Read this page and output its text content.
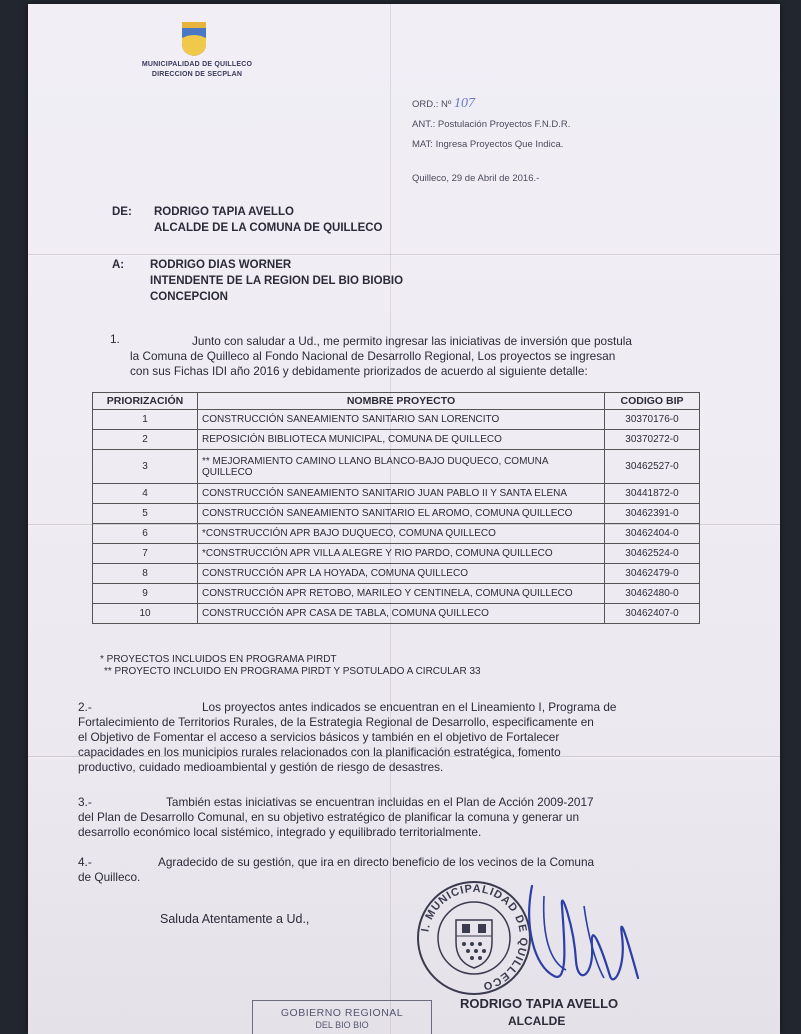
MUNICIPALIDAD DE QUILLECO
DIRECCION DE SECPLAN
ORD.: Nº 107
ANT.: Postulación Proyectos F.N.D.R.
MAT: Ingresa Proyectos Que Indica.
Quilleco, 29 de Abril de 2016.-
DE: RODRIGO TAPIA AVELLO
ALCALDE DE LA COMUNA DE QUILLECO
A: RODRIGO DIAS WORNER
INTENDENTE DE LA REGION DEL BIO BIOBIO
CONCEPCION
1.	Junto con saludar a Ud., me permito ingresar las iniciativas de inversión que postula
la Comuna de Quilleco al Fondo Nacional de Desarrollo Regional, Los proyectos se ingresan
con sus Fichas IDI año 2016 y debidamente priorizados de acuerdo al siguiente detalle:
PRIORIZACIÓN	NOMBRE PROYECTO	CODIGO BIP
1	CONSTRUCCIÓN SANEAMIENTO SANITARIO SAN LORENCITO	30370176-0
2	REPOSICIÓN BIBLIOTECA MUNICIPAL, COMUNA DE QUILLECO	30370272-0
3	** MEJORAMIENTO CAMINO LLANO BLANCO-BAJO DUQUECO, COMUNA QUILLECO	30462527-0
4	CONSTRUCCIÓN SANEAMIENTO SANITARIO JUAN PABLO II Y SANTA ELENA	30441872-0
5	CONSTRUCCIÓN SANEAMIENTO SANITARIO EL AROMO, COMUNA QUILLECO	30462391-0
6	*CONSTRUCCIÓN APR BAJO DUQUECO, COMUNA QUILLECO	30462404-0
7	*CONSTRUCCIÓN APR VILLA ALEGRE Y RIO PARDO, COMUNA QUILLECO	30462524-0
8	CONSTRUCCIÓN APR LA HOYADA, COMUNA QUILLECO	30462479-0
9	CONSTRUCCIÓN APR RETOBO, MARILEO Y CENTINELA, COMUNA QUILLECO	30462480-0
10	CONSTRUCCIÓN APR CASA DE TABLA, COMUNA QUILLECO	30462407-0
* PROYECTOS INCLUIDOS EN PROGRAMA PIRDT
** PROYECTO INCLUIDO EN PROGRAMA PIRDT Y PSOTULADO A CIRCULAR 33
2.-	Los proyectos antes indicados se encuentran en el Lineamiento I, Programa de
Fortalecimiento de Territorios Rurales, de la Estrategia Regional de Desarrollo, especificamente en
el Objetivo de Fomentar el acceso a servicios básicos y también en el objetivo de Fortalecer
capacidades en los municipios rurales relacionados con la planificación estratégica, fomento
productivo, cuidado medioambiental y gestión de riesgo de desastres.
3.-	También estas iniciativas se encuentran incluidas en el Plan de Acción 2009-2017
del Plan de Desarrollo Comunal, en su objetivo estratégico de planificar la comuna y generar un
desarrollo económico local sistémico, integrado y equilibrado territorialmente.
4.-	Agradecido de su gestión, que ira en directo beneficio de los vecinos de la Comuna
de Quilleco.
Saluda Atentamente a Ud.,
I. MUNICIPALIDAD DE QUILLECO
RODRIGO TAPIA AVELLO
ALCALDE
GOBIERNO REGIONAL
DEL BIO BIO
